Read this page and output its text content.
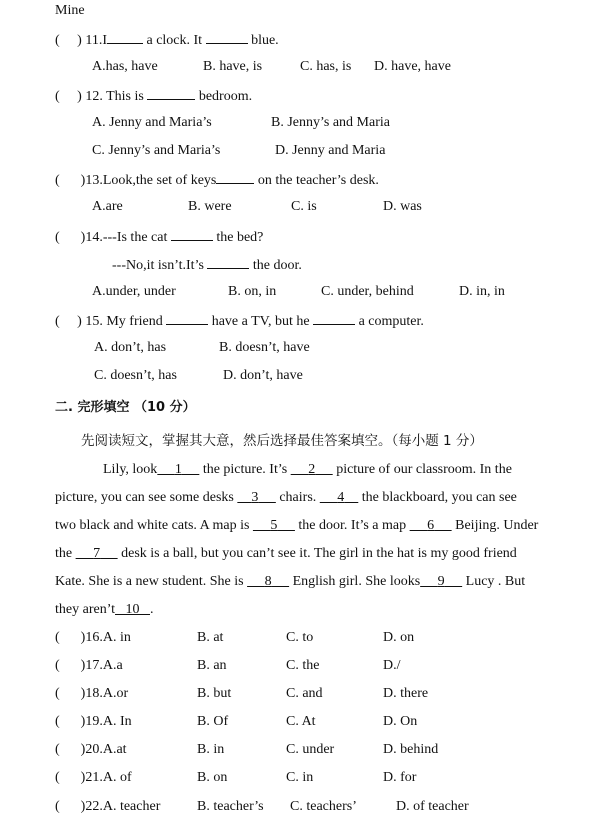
Mine
(     ) 11.I	a clock. It	blue.
A.has, have	B. have, is	C. has, is D. have, have
(     ) 12. This is	bedroom.
A. Jenny and Maria’s	B. Jenny’s and Maria
C. Jenny’s and Maria’s	D. Jenny and Maria
(      )13.Look,the set of keys	on the teacher’s desk.
A.are	B. were	C. is	D. was
(      )14.---Is the cat	the bed?
---No,it isn’t.It’s	the door.
A.under, under	B. on, in	C. under, behind	D. in, in
(     ) 15. My friend	have a TV, but he	a computer.
A. don’t, has	B. doesn’t, have
C. doesn’t, has	D. don’t, have
二. 完形填空 （10 分）
先阅读短文，掌握其大意，然后选择最佳答案填空。（每小题 1 分）
Lily, look 1      the picture. It’s      2      picture of our classroom. In the
picture, you can see some desks     3      chairs.      4     the blackboard, you can see
two black and white cats. A map is      5      the door. It’s a map      6      Beijing. Under
the      7      desk is a ball, but you can’t see it. The girl in the hat is my good friend
Kate. She is a new student. She is      8      English girl. She looks 9      Lucy . But
they aren’t 10 .
(      )16.A. in	B. at	C. to	D. on
(      )17.A.a	B. an	C. the	D./
(      )18.A.or	B. but	C. and	D. there
(      )19.A. In	B. Of	C. At	D. On
(      )20.A.at	B. in	C. under	D. behind
(      )21.A. of	B. on	C. in	D. for
(      )22.A. teacher	B. teacher’s C. teachers’	D. of teacher
